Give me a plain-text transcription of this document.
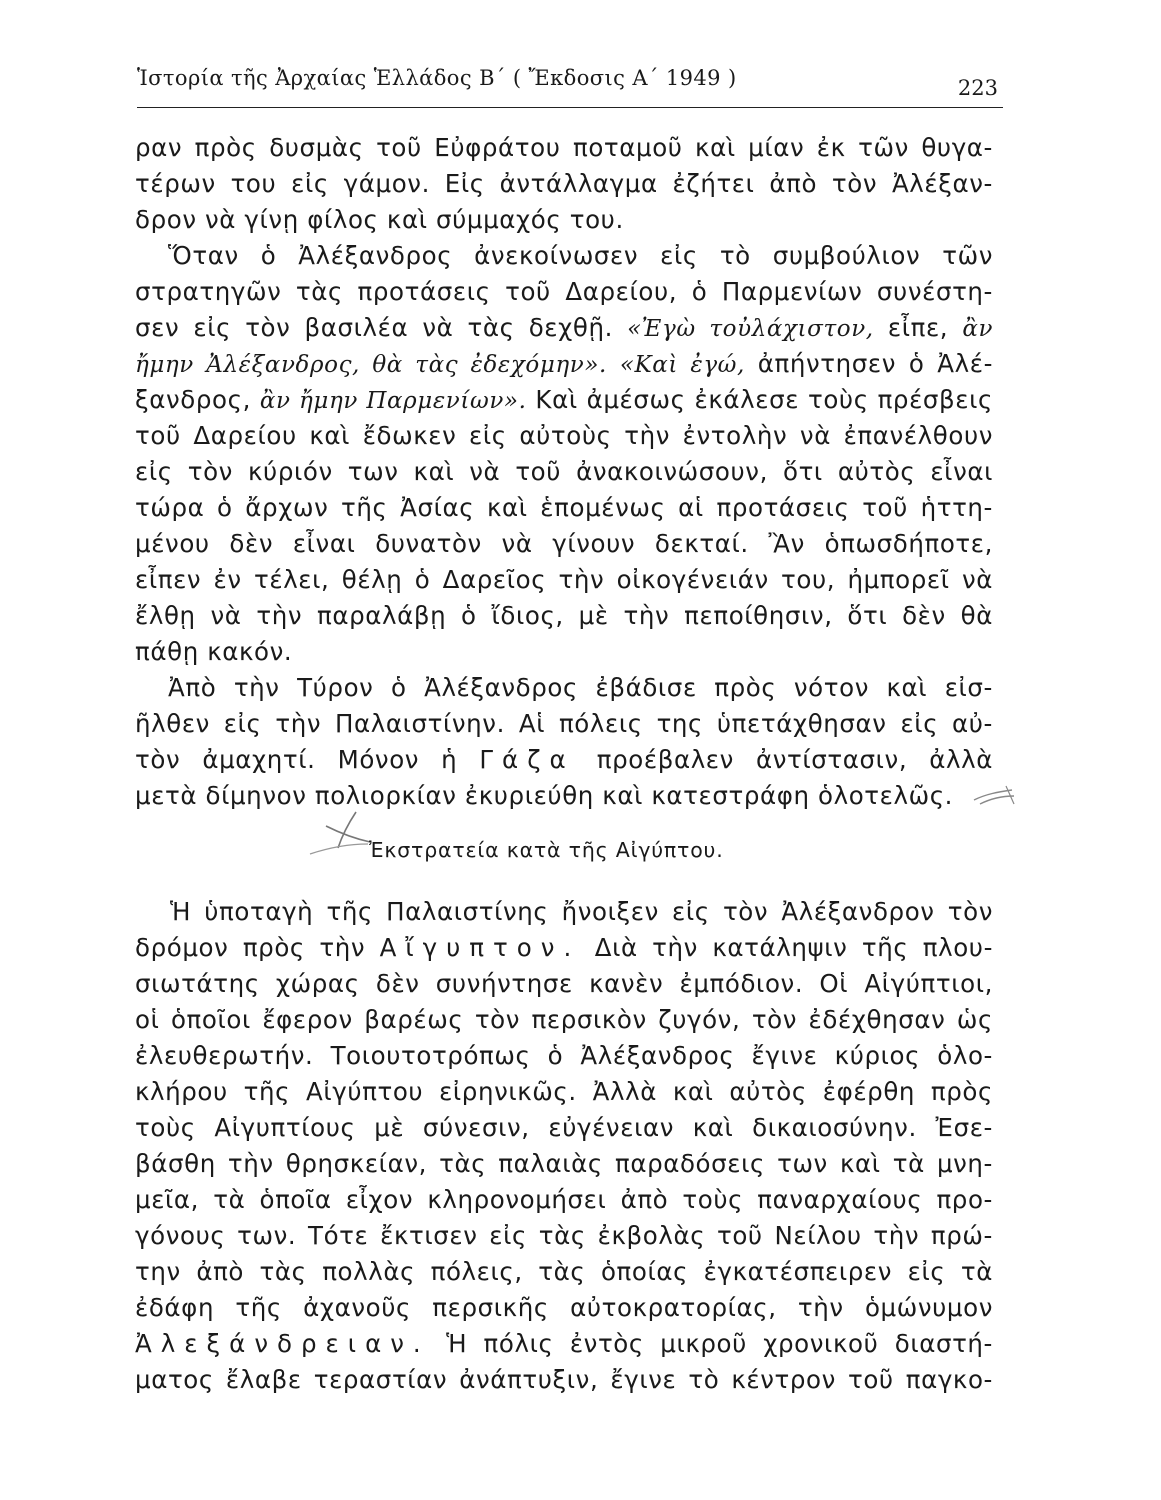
Ἱστορία τῆς Ἀρχαίας Ἑλλάδος Β΄ ( Ἔκδοσις Α΄ 1949 )	223
ραν πρὸς δυσμὰς τοῦ Εὐφράτου ποταμοῦ καὶ μίαν ἐκ τῶν θυγα-
τέρων του εἰς γάμον. Εἰς ἀντάλλαγμα ἐζήτει ἀπὸ τὸν Ἀλέξαν-
δρον νὰ γίνῃ φίλος καὶ σύμμαχός του.
Ὅταν ὁ Ἀλέξανδρος ἀνεκοίνωσεν εἰς τὸ συμβούλιον τῶν
στρατηγῶν τὰς προτάσεις τοῦ Δαρείου, ὁ Παρμενίων συνέστη-
σεν εἰς τὸν βασιλέα νὰ τὰς δεχθῇ. «Ἐγὼ τοὐλάχιστον, εἶπε, ἂν
ἤμην Ἀλέξανδρος, θὰ τὰς ἐδεχόμην». «Καὶ ἐγώ, ἀπήντησεν ὁ Ἀλέ-
ξανδρος, ἂν ἤμην Παρμενίων». Καὶ ἀμέσως ἐκάλεσε τοὺς πρέσβεις
τοῦ Δαρείου καὶ ἔδωκεν εἰς αὐτοὺς τὴν ἐντολὴν νὰ ἐπανέλθουν
εἰς τὸν κύριόν των καὶ νὰ τοῦ ἀνακοινώσουν, ὅτι αὐτὸς εἶναι
τώρα ὁ ἄρχων τῆς Ἀσίας καὶ ἑπομένως αἱ προτάσεις τοῦ ἡττη-
μένου δὲν εἶναι δυνατὸν νὰ γίνουν δεκταί. Ἂν ὁπωσδήποτε,
εἶπεν ἐν τέλει, θέλῃ ὁ Δαρεῖος τὴν οἰκογένειάν του, ἠμπορεῖ νὰ
ἔλθῃ νὰ τὴν παραλάβῃ ὁ ἴδιος, μὲ τὴν πεποίθησιν, ὅτι δὲν θὰ
πάθῃ κακόν.
Ἀπὸ τὴν Τύρον ὁ Ἀλέξανδρος ἐβάδισε πρὸς νότον καὶ εἰσ-
ῆλθεν εἰς τὴν Παλαιστίνην. Αἱ πόλεις της ὑπετάχθησαν εἰς αὐ-
τὸν ἀμαχητί. Μόνον ἡ Γάζα προέβαλεν ἀντίστασιν, ἀλλὰ
μετὰ δίμηνον πολιορκίαν ἐκυριεύθη καὶ κατεστράφη ὁλοτελῶς.
Ἐκστρατεία κατὰ τῆς Αἰγύπτου.
Ἡ ὑποταγὴ τῆς Παλαιστίνης ἤνοιξεν εἰς τὸν Ἀλέξανδρον τὸν
δρόμον πρὸς τὴν Αἴγυπτον. Διὰ τὴν κατάληψιν τῆς πλου-
σιωτάτης χώρας δὲν συνήντησε κανὲν ἐμπόδιον. Οἱ Αἰγύπτιοι,
οἱ ὁποῖοι ἔφερον βαρέως τὸν περσικὸν ζυγόν, τὸν ἐδέχθησαν ὡς
ἐλευθερωτήν. Τοιουτοτρόπως ὁ Ἀλέξανδρος ἔγινε κύριος ὁλο-
κλήρου τῆς Αἰγύπτου εἰρηνικῶς. Ἀλλὰ καὶ αὐτὸς ἐφέρθη πρὸς
τοὺς Αἰγυπτίους μὲ σύνεσιν, εὐγένειαν καὶ δικαιοσύνην. Ἐσε-
βάσθη τὴν θρησκείαν, τὰς παλαιὰς παραδόσεις των καὶ τὰ μνη-
μεῖα, τὰ ὁποῖα εἶχον κληρονομήσει ἀπὸ τοὺς παναρχαίους προ-
γόνους των. Τότε ἔκτισεν εἰς τὰς ἐκβολὰς τοῦ Νείλου τὴν πρώ-
την ἀπὸ τὰς πολλὰς πόλεις, τὰς ὁποίας ἐγκατέσπειρεν εἰς τὰ
ἐδάφη τῆς ἀχανοῦς περσικῆς αὐτοκρατορίας, τὴν ὁμώνυμον
Ἀλεξάνδρειαν. Ἡ πόλις ἐντὸς μικροῦ χρονικοῦ διαστή-
ματος ἔλαβε τεραστίαν ἀνάπτυξιν, ἔγινε τὸ κέντρον τοῦ παγκο-
